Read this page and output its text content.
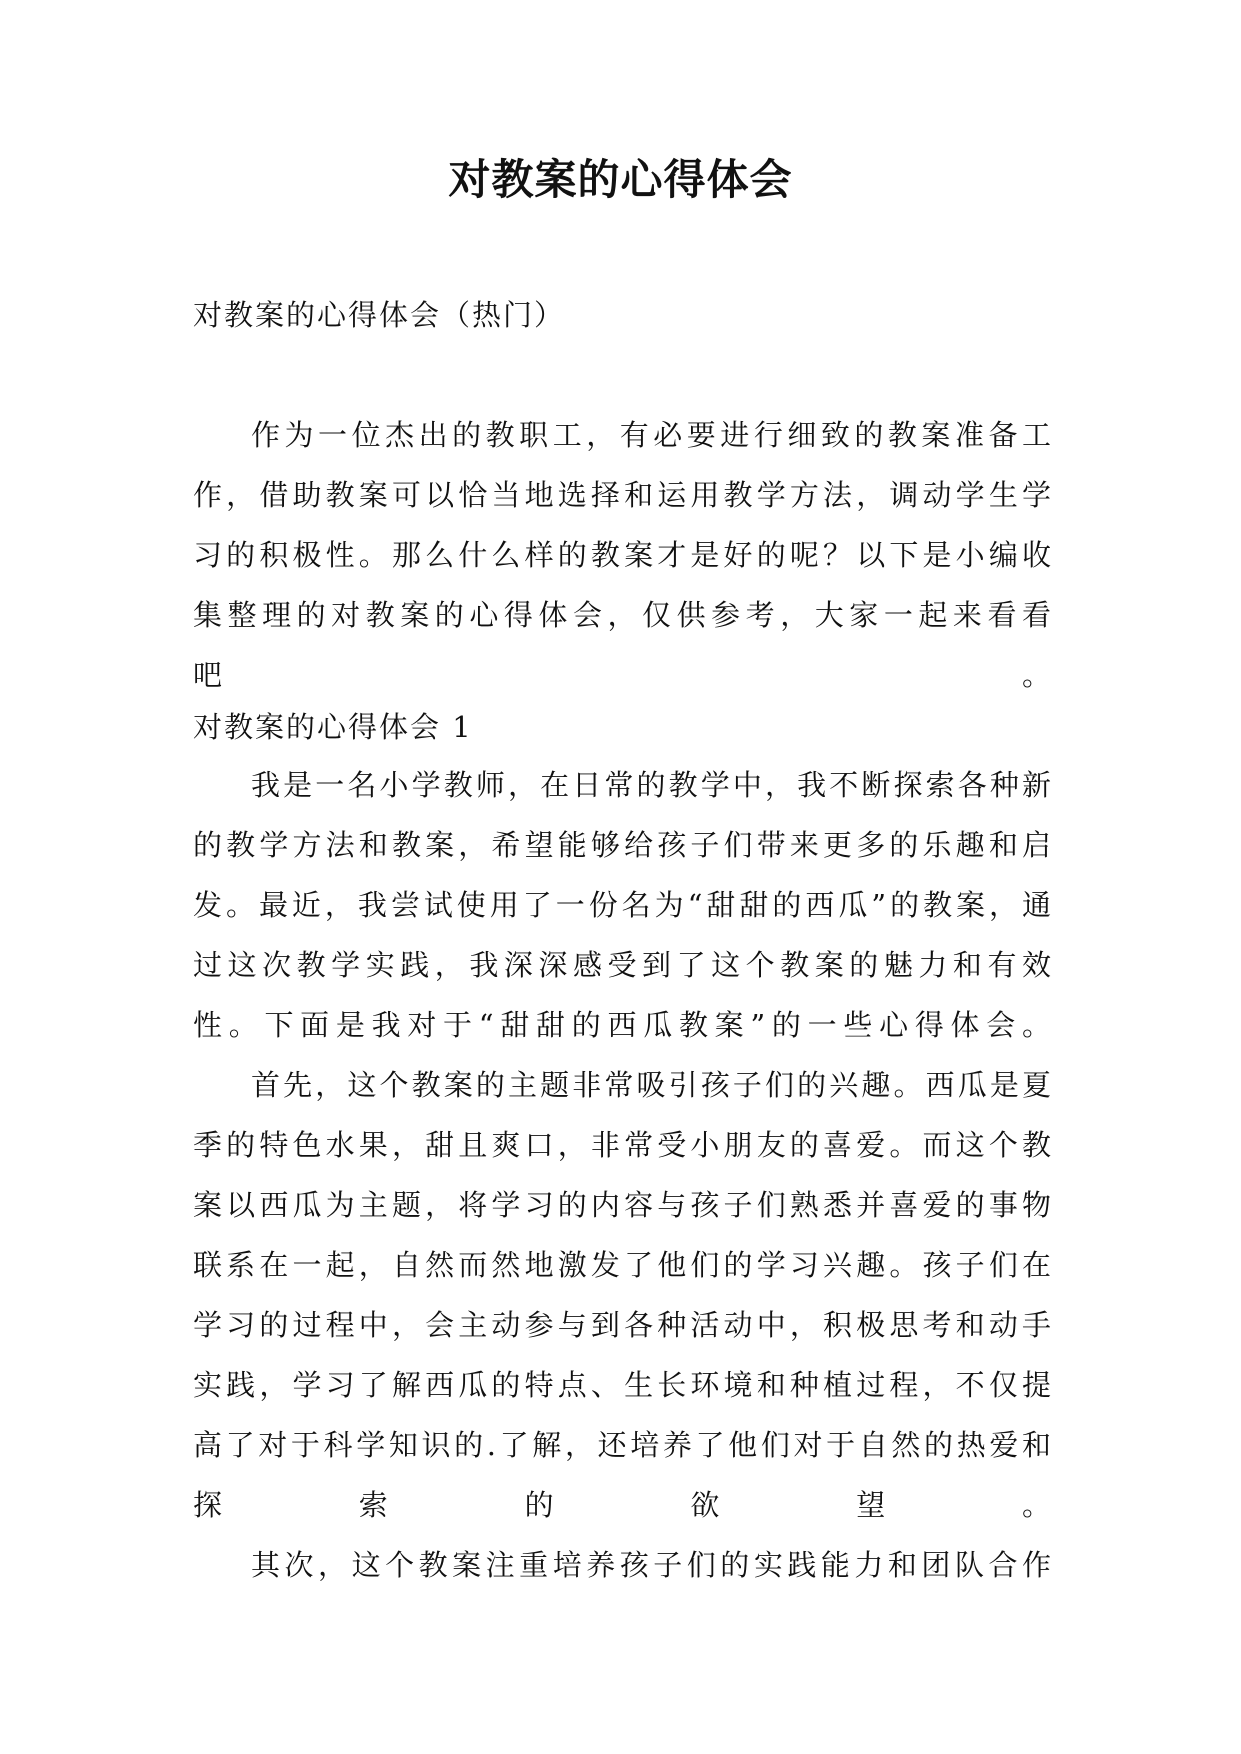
对教案的心得体会
对教案的心得体会（热门）

作为一位杰出的教职工，有必要进行细致的教案准备工作，借助教案可以恰当地选择和运用教学方法，调动学生学习的积极性。那么什么样的教案才是好的呢？以下是小编收集整理的对教案的心得体会，仅供参考，大家一起来看看吧。

对教案的心得体会 1

我是一名小学教师，在日常的教学中，我不断探索各种新的教学方法和教案，希望能够给孩子们带来更多的乐趣和启发。最近，我尝试使用了一份名为“甜甜的西瓜”的教案，通过这次教学实践，我深深感受到了这个教案的魅力和有效性。下面是我对于“甜甜的西瓜教案”的一些心得体会。

首先，这个教案的主题非常吸引孩子们的兴趣。西瓜是夏季的特色水果，甜且爽口，非常受小朋友的喜爱。而这个教案以西瓜为主题，将学习的内容与孩子们熟悉并喜爱的事物联系在一起，自然而然地激发了他们的学习兴趣。孩子们在学习的过程中，会主动参与到各种活动中，积极思考和动手实践，学习了解西瓜的特点、生长环境和种植过程，不仅提高了对于科学知识的.了解，还培养了他们对于自然的热爱和探索的欲望。

其次，这个教案注重培养孩子们的实践能力和团队合作
